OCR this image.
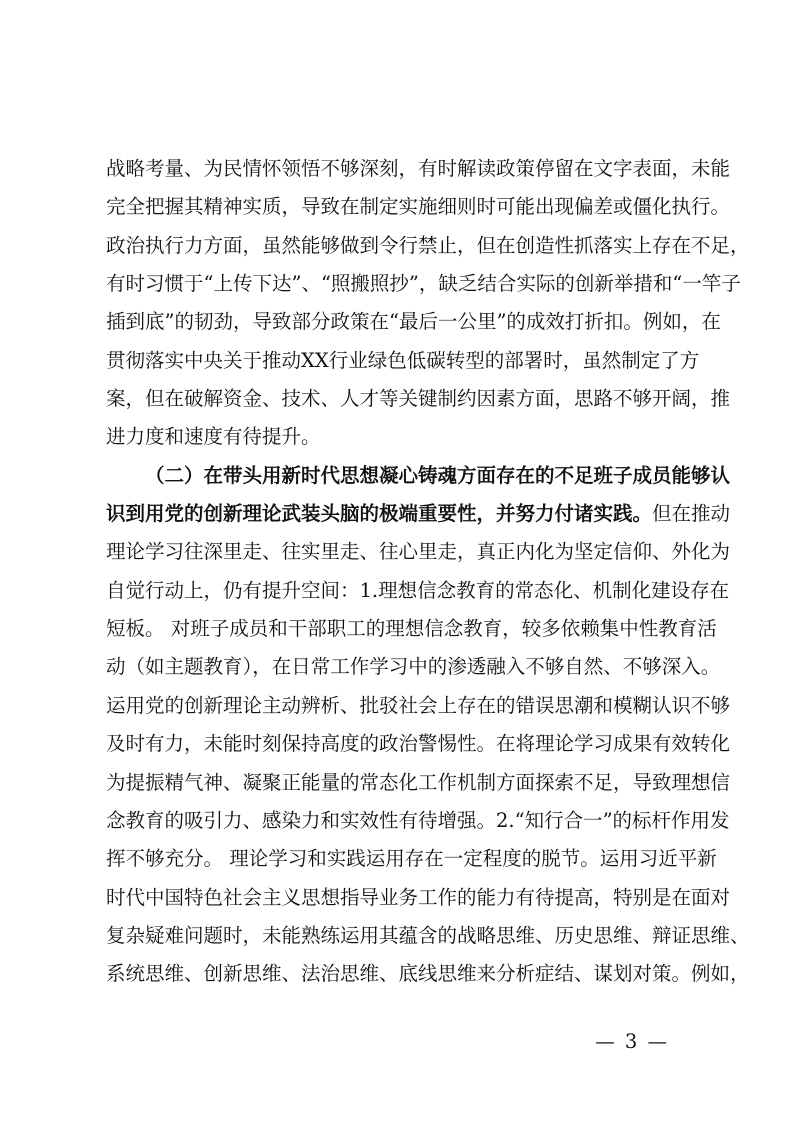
战略考量、为民情怀领悟不够深刻，有时解读政策停留在文字表面，未能
完全把握其精神实质，导致在制定实施细则时可能出现偏差或僵化执行。
政治执行力方面，虽然能够做到令行禁止，但在创造性抓落实上存在不足，
有时习惯于“上传下达”、“照搬照抄”，缺乏结合实际的创新举措和“一竿子
插到底”的韧劲，导致部分政策在“最后一公里”的成效打折扣。例如，在
贯彻落实中央关于推动XX行业绿色低碳转型的部署时，虽然制定了方
案，但在破解资金、技术、人才等关键制约因素方面，思路不够开阔，推
进力度和速度有待提升。
（二）在带头用新时代思想凝心铸魂方面存在的不足班子成员能够认
识到用党的创新理论武装头脑的极端重要性，并努力付诸实践。但在推动
理论学习往深里走、往实里走、往心里走，真正内化为坚定信仰、外化为
自觉行动上，仍有提升空间：1.理想信念教育的常态化、机制化建设存在
短板。 对班子成员和干部职工的理想信念教育，较多依赖集中性教育活
动（如主题教育），在日常工作学习中的渗透融入不够自然、不够深入。
运用党的创新理论主动辨析、批驳社会上存在的错误思潮和模糊认识不够
及时有力，未能时刻保持高度的政治警惕性。在将理论学习成果有效转化
为提振精气神、凝聚正能量的常态化工作机制方面探索不足，导致理想信
念教育的吸引力、感染力和实效性有待增强。2.“知行合一”的标杆作用发
挥不够充分。 理论学习和实践运用存在一定程度的脱节。运用习近平新
时代中国特色社会主义思想指导业务工作的能力有待提高，特别是在面对
复杂疑难问题时，未能熟练运用其蕴含的战略思维、历史思维、辩证思维、
系统思维、创新思维、法治思维、底线思维来分析症结、谋划对策。例如，
— 3 —
